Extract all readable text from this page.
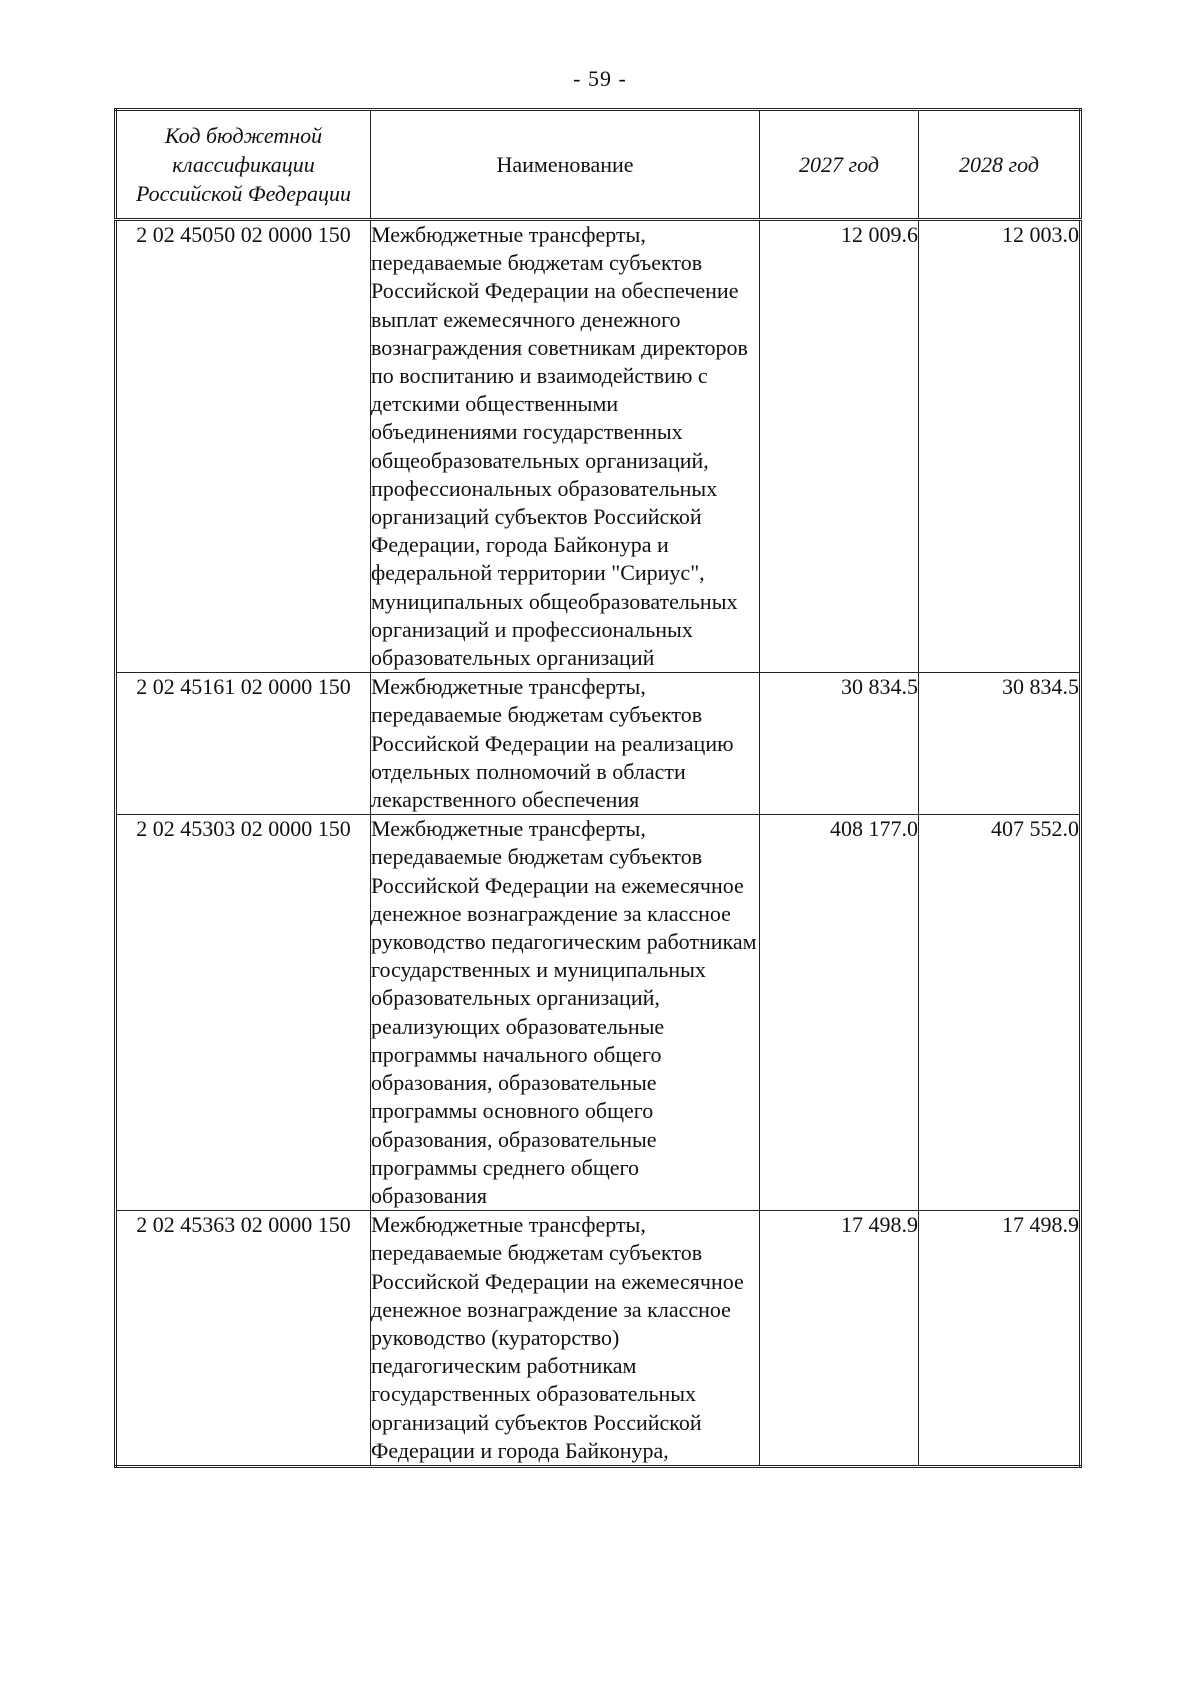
- 59 -
Код бюджетной классификации Российской Федерации	Наименование	2027 год	2028 год
2 02 45050 02 0000 150	Межбюджетные трансферты, передаваемые бюджетам субъектов Российской Федерации на обеспечение выплат ежемесячного денежного вознаграждения советникам директоров по воспитанию и взаимодействию с детскими общественными объединениями государственных общеобразовательных организаций, профессиональных образовательных организаций субъектов Российской Федерации, города Байконура и федеральной территории "Сириус", муниципальных общеобразовательных организаций и профессиональных образовательных организаций	12 009.6	12 003.0
2 02 45161 02 0000 150	Межбюджетные трансферты, передаваемые бюджетам субъектов Российской Федерации на реализацию отдельных полномочий в области лекарственного обеспечения	30 834.5	30 834.5
2 02 45303 02 0000 150	Межбюджетные трансферты, передаваемые бюджетам субъектов Российской Федерации на ежемесячное денежное вознаграждение за классное руководство педагогическим работникам государственных и муниципальных образовательных организаций, реализующих образовательные программы начального общего образования, образовательные программы основного общего образования, образовательные программы среднего общего образования	408 177.0	407 552.0
2 02 45363 02 0000 150	Межбюджетные трансферты, передаваемые бюджетам субъектов Российской Федерации на ежемесячное денежное вознаграждение за классное руководство (кураторство) педагогическим работникам государственных образовательных организаций субъектов Российской Федерации и города Байконура,	17 498.9	17 498.9
